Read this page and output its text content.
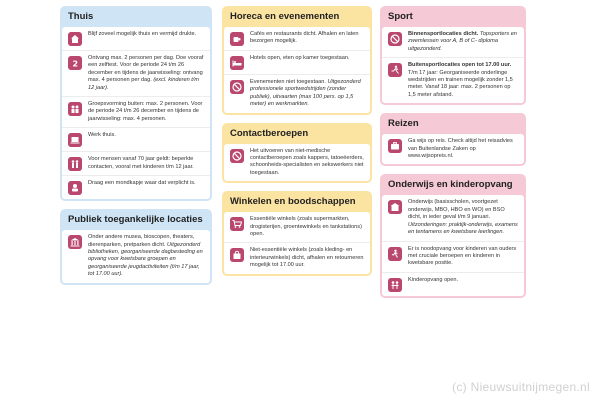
Thuis
Blijf zoveel mogelijk thuis en vermijd drukte.
2
Ontvang max. 2 personen per dag. Doe vooraf een zelftest. Voor de periode 24 t/m 26 december en tijdens de jaarwisseling: ontvang max. 4 personen per dag. (excl. kinderen t/m 12 jaar).
Groepsvorming buiten: max. 2 personen. Voor de periode 24 t/m 26 december en tijdens de jaarwisseling: max. 4 personen.
Werk thuis.
Voor mensen vanaf 70 jaar geldt: beperkte contacten, vooral met kinderen t/m 12 jaar.
Draag een mondkapje waar dat verplicht is.
Publiek toegankelijke locaties
Onder andere musea, bioscopen, theaters, dierenparken, pretparken dicht. Uitgezonderd bibliotheken, georganiseerde dagbesteding en opvang voor kwetsbare groepen en georganiseerde jeugdactiviteiten (t/m 17 jaar, tot 17.00 uur).
Horeca en evenementen
Cafés en restaurants dicht. Afhalen en laten bezorgen mogelijk.
Hotels open, eten op kamer toegestaan.
Evenementen niet toegestaan. Uitgezonderd professionele sportwedstrijden (zonder publiek), uitvaarten (max 100 pers. op 1,5 meter) en werkmarkten.
Contactberoepen
Het uitvoeren van niet-medische contactberoepen zoals kappers, tatoeëerders, schoonheids-specialisten en sekswerkers niet toegestaan.
Winkelen en boodschappen
Essentiële winkels (zoals supermarkten, drogisterijen, groentewinkels en tankstations) open.
Niet-essentiële winkels (zoals kleding- en interieurwinkels) dicht, afhalen en retourneren mogelijk tot 17.00 uur.
Sport
Binnensportlocaties dicht. Topsporters en zwemlessen voor A, B of C- diploma uitgezonderd.
Buitensportlocaties open tot 17.00 uur. T/m 17 jaar: Georganiseerde onderlinge wedstrijden en trainen mogelijk zonder 1,5 meter. Vanaf 18 jaar: max. 2 personen op 1,5 meter afstand.
Reizen
Ga wijs op reis. Check altijd het reisadvies van Buitenlandse Zaken op www.wijsopreis.nl.
Onderwijs en kinderopvang
Onderwijs (basisscholen, voortgezet onderwijs, MBO, HBO en WO) en BSO dicht, in ieder geval t/m 9 januari. Uitzonderingen: praktijk-onderwijs, examens en tentamens en kwetsbare leerlingen.
Er is noodopvang voor kinderen van ouders met cruciale beroepen en kinderen in kwetsbare positie.
Kinderopvang open.
(c) Nieuwsuitnijmegen.nl
